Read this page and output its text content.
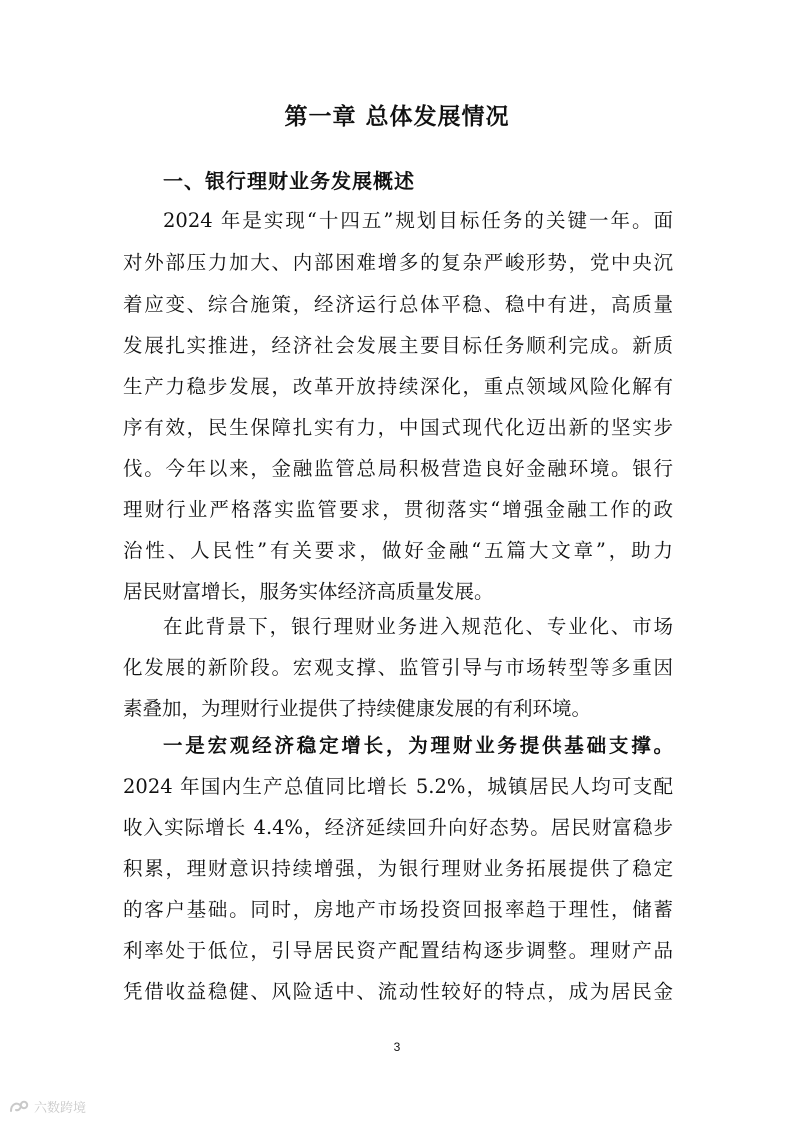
第一章 总体发展情况
一、银行理财业务发展概述
2024 年是实现“十四五”规划目标任务的关键一年。面
对外部压力加大、内部困难增多的复杂严峻形势，党中央沉
着应变、综合施策，经济运行总体平稳、稳中有进，高质量
发展扎实推进，经济社会发展主要目标任务顺利完成。新质
生产力稳步发展，改革开放持续深化，重点领域风险化解有
序有效，民生保障扎实有力，中国式现代化迈出新的坚实步
伐。今年以来，金融监管总局积极营造良好金融环境。银行
理财行业严格落实监管要求，贯彻落实“增强金融工作的政
治性、人民性”有关要求，做好金融“五篇大文章”，助力
居民财富增长，服务实体经济高质量发展。
在此背景下，银行理财业务进入规范化、专业化、市场
化发展的新阶段。宏观支撑、监管引导与市场转型等多重因
素叠加，为理财行业提供了持续健康发展的有利环境。
一是宏观经济稳定增长，为理财业务提供基础支撑。
2024 年国内生产总值同比增长 5.2%，城镇居民人均可支配
收入实际增长 4.4%，经济延续回升向好态势。居民财富稳步
积累，理财意识持续增强，为银行理财业务拓展提供了稳定
的客户基础。同时，房地产市场投资回报率趋于理性，储蓄
利率处于低位，引导居民资产配置结构逐步调整。理财产品
凭借收益稳健、风险适中、流动性较好的特点，成为居民金
3
六数跨境
